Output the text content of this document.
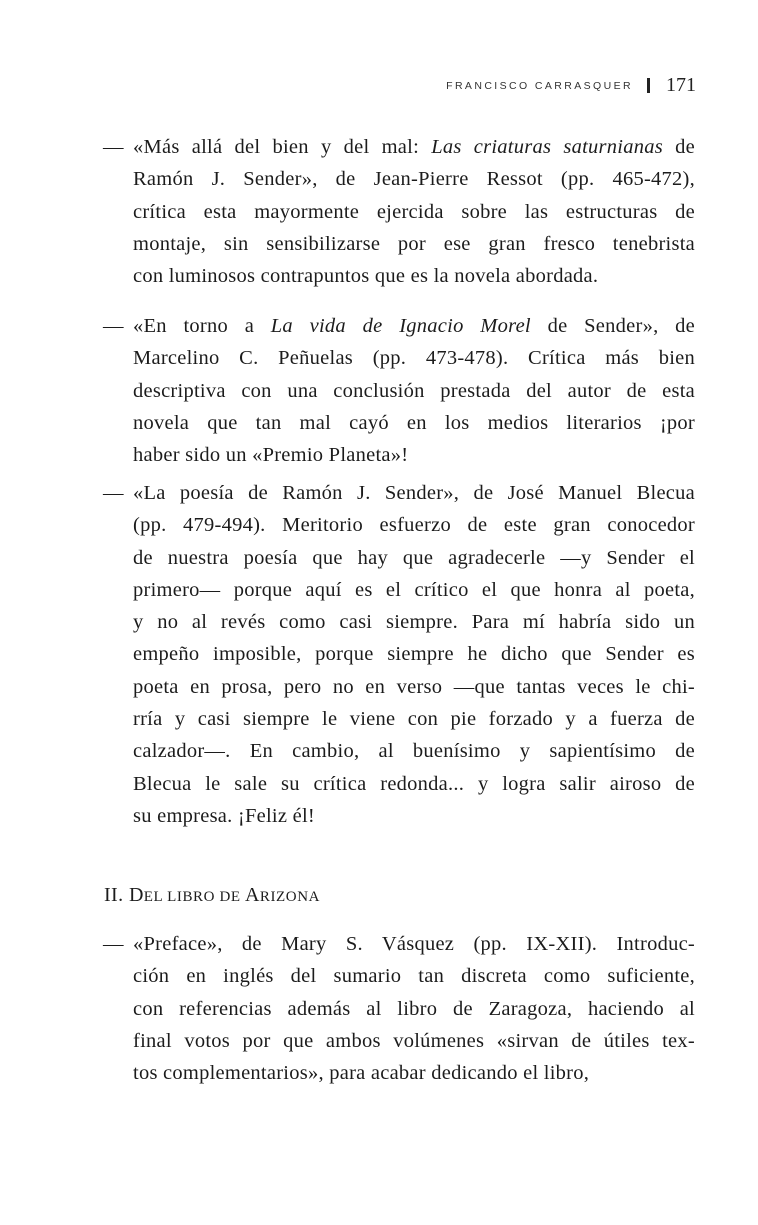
FRANCISCO CARRASQUER 171
— «Más allá del bien y del mal: Las criaturas saturnianas de
Ramón J. Sender», de Jean-Pierre Ressot (pp. 465-472),
crítica esta mayormente ejercida sobre las estructuras de
montaje, sin sensibilizarse por ese gran fresco tenebrista
con luminosos contrapuntos que es la novela abordada.

— «En torno a La vida de Ignacio Morel de Sender», de
Marcelino C. Peñuelas (pp. 473-478). Crítica más bien
descriptiva con una conclusión prestada del autor de esta
novela que tan mal cayó en los medios literarios ¡por
haber sido un «Premio Planeta»!

— «La poesía de Ramón J. Sender», de José Manuel Blecua
(pp. 479-494). Meritorio esfuerzo de este gran conocedor
de nuestra poesía que hay que agradecerle —y Sender el
primero— porque aquí es el crítico el que honra al poeta,
y no al revés como casi siempre. Para mí habría sido un
empeño imposible, porque siempre he dicho que Sender es
poeta en prosa, pero no en verso —que tantas veces le chi-
rría y casi siempre le viene con pie forzado y a fuerza de
calzador—. En cambio, al buenísimo y sapientísimo de
Blecua le sale su crítica redonda... y logra salir airoso de
su empresa. ¡Feliz él!

II. DEL LIBRO DE ARIZONA
— «Preface», de Mary S. Vásquez (pp. IX-XII). Introduc-
ción en inglés del sumario tan discreta como suficiente,
con referencias además al libro de Zaragoza, haciendo al
final votos por que ambos volúmenes «sirvan de útiles tex-
tos complementarios», para acabar dedicando el libro,
